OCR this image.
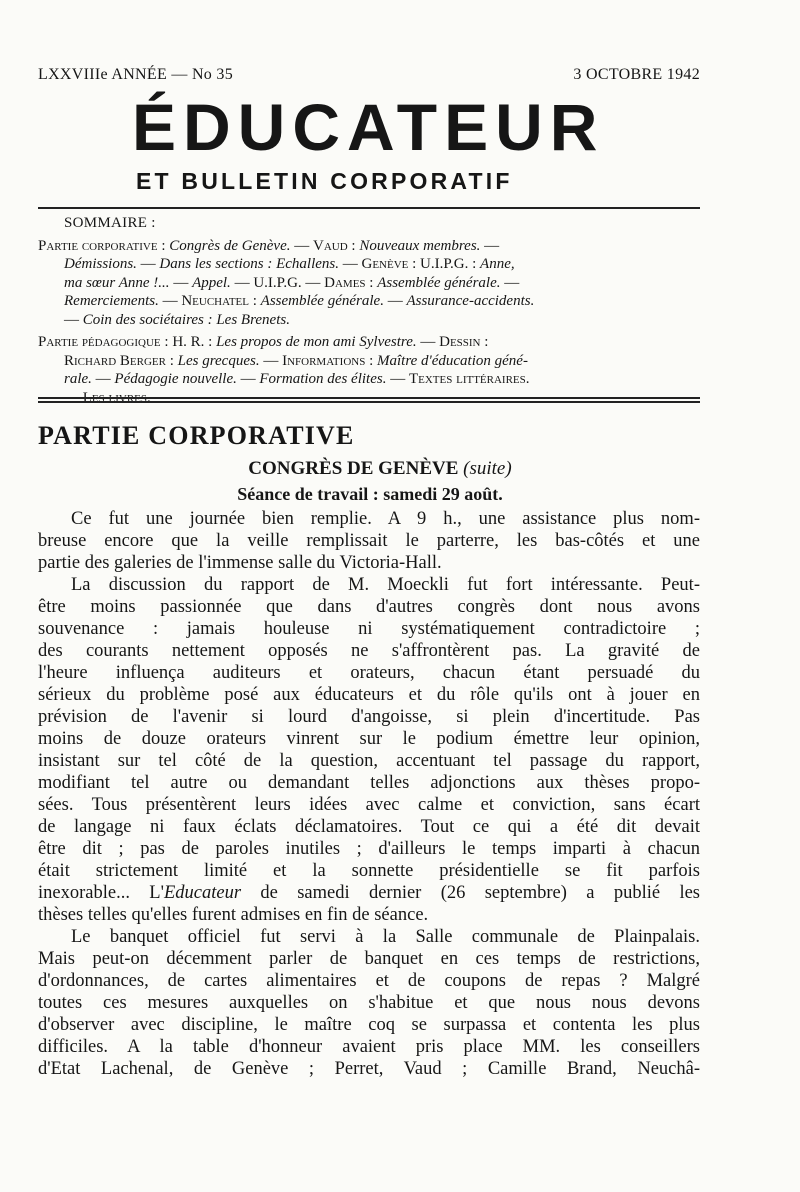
LXXVIIIe ANNÉE — No 35	3 OCTOBRE 1942
ÉDUCATEUR
ET BULLETIN CORPORATIF
SOMMAIRE :
Partie corporative : Congrès de Genève. — Vaud : Nouveaux membres. —
Démissions. — Dans les sections : Echallens. — Genève : U.I.P.G. : Anne,
ma sœur Anne !... — Appel. — U.I.P.G. — Dames : Assemblée générale. —
Remerciements. — Neuchatel : Assemblée générale. — Assurance-accidents.
— Coin des sociétaires : Les Brenets.
Partie pédagogique : H. R. : Les propos de mon ami Sylvestre. — Dessin :
Richard Berger : Les grecques. — Informations : Maître d'éducation géné-
rale. — Pédagogie nouvelle. — Formation des élites. — Textes littéraires.
— Les livres.
PARTIE CORPORATIVE
CONGRÈS DE GENÈVE (suite)
Séance de travail : samedi 29 août.
Ce fut une journée bien remplie. A 9 h., une assistance plus nom-
breuse encore que la veille remplissait le parterre, les bas-côtés et une
partie des galeries de l'immense salle du Victoria-Hall.
La discussion du rapport de M. Moeckli fut fort intéressante. Peut-
être moins passionnée que dans d'autres congrès dont nous avons
souvenance : jamais houleuse ni systématiquement contradictoire ;
des courants nettement opposés ne s'affrontèrent pas. La gravité de
l'heure influença auditeurs et orateurs, chacun étant persuadé du
sérieux du problème posé aux éducateurs et du rôle qu'ils ont à jouer en
prévision de l'avenir si lourd d'angoisse, si plein d'incertitude. Pas
moins de douze orateurs vinrent sur le podium émettre leur opinion,
insistant sur tel côté de la question, accentuant tel passage du rapport,
modifiant tel autre ou demandant telles adjonctions aux thèses propo-
sées. Tous présentèrent leurs idées avec calme et conviction, sans écart
de langage ni faux éclats déclamatoires. Tout ce qui a été dit devait
être dit ; pas de paroles inutiles ; d'ailleurs le temps imparti à chacun
était strictement limité et la sonnette présidentielle se fit parfois
inexorable... L'Educateur de samedi dernier (26 septembre) a publié les
thèses telles qu'elles furent admises en fin de séance.
Le banquet officiel fut servi à la Salle communale de Plainpalais.
Mais peut-on décemment parler de banquet en ces temps de restrictions,
d'ordonnances, de cartes alimentaires et de coupons de repas ? Malgré
toutes ces mesures auxquelles on s'habitue et que nous nous devons
d'observer avec discipline, le maître coq se surpassa et contenta les plus
difficiles. A la table d'honneur avaient pris place MM. les conseillers
d'Etat Lachenal, de Genève ; Perret, Vaud ; Camille Brand, Neuchâ-
